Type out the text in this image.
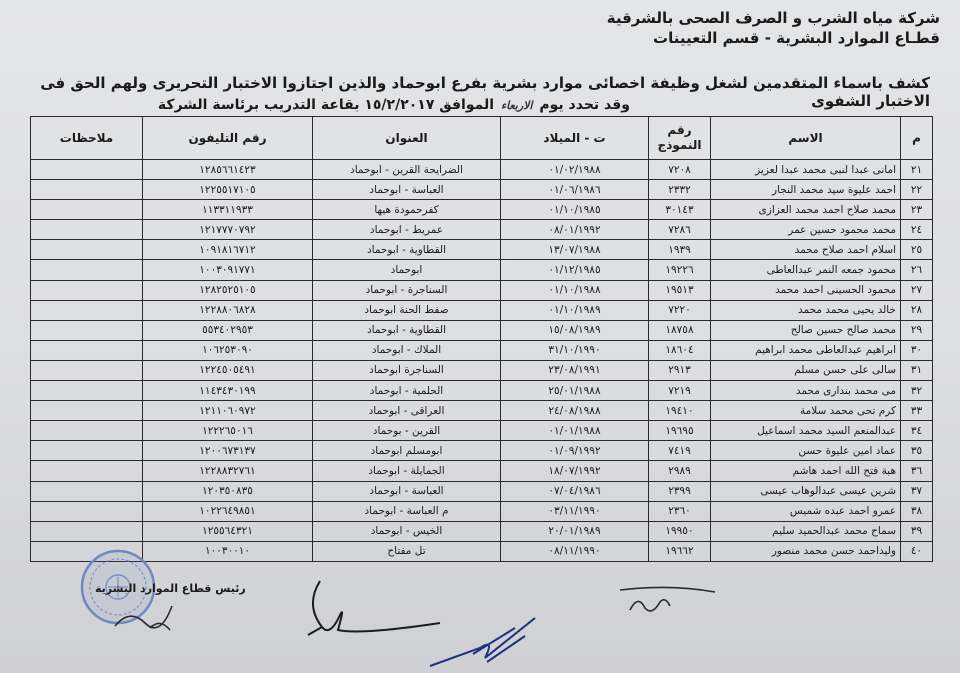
شركة مياه الشرب و الصرف الصحى بالشرقية
قطـاع الموارد البشرية - قسم التعيينات
كشف باسماء المتقدمين لشغل وظيفة اخصائى موارد بشرية بفرع ابوحماد والذين اجتازوا الاختبار التحريرى ولهم الحق فى الاختبار الشفوى
وقد تحدد يوم الاربعاء الموافق ١٥/٢/٢٠١٧ بقاعة التدريب برئاسة الشركة
م	الاسم	رقم النموذج	ت - الميلاد	العنوان	رقم التليفون	ملاحظات
٢١	امانى عبدا لنبى محمد عبدا لعزيز	٧٢٠٨	٠١/٠٢/١٩٨٨	الضرايحة القرين - ابوحماد	١٢٨٥٦٦١٤٢٣	
٢٢	احمد عليوة سيد محمد النجار	٢٣٣٢	٠١/٠٦/١٩٨٦	العباسة - ابوحماد	١٢٢٥٥١٧١٠٥	
٢٣	محمد صلاح احمد محمد العزازى	٣٠١٤٣	٠١/١٠/١٩٨٥	كفرحمودة هيها	١١٣٣١١٩٣٣	
٢٤	محمد محمود حسين عمر	٧٢٨٦	٠٨/٠١/١٩٩٢	عمريط - ابوحماد	١٢١٧٧٧٠٧٩٢	
٢٥	اسلام احمد صلاح محمد	١٩٣٩	١٣/٠٧/١٩٨٨	القطاوية - ابوحماد	١٠٩١٨١٦٧١٢	
٢٦	محمود جمعه النمر عبدالعاطى	١٩٢٢٦	٠١/١٢/١٩٨٥	ابوحماد	١٠٠٣٠٩١٧٧١	
٢٧	محمود الحسينى احمد محمد	١٩٥١٣	٠١/١٠/١٩٨٨	السناجرة - ابوحماد	١٢٨٢٥٢٥١٠٥	
٢٨	خالد يحيى محمد محمد	٧٢٢٠	٠١/١٠/١٩٨٩	صفط الحنة ابوحماد	١٢٢٨٨٠٦٨٢٨	
٢٩	محمد صالح حسين صالح	١٨٧٥٨	١٥/٠٨/١٩٨٩	القطاوية - ابوحماد	٥٥٣٤٠٢٩٥٣	
٣٠	ابراهيم عبدالعاطى محمد ابراهيم	١٨٦٠٤	٣١/١٠/١٩٩٠	الملاك - ابوحماد	١٠٦٢٥٣٠٩٠	
٣١	سالى على حسن مسلم	٢٩١٣	٢٣/٠٨/١٩٩١	السناجرة ابوحماد	١٢٢٤٥٠٥٤٩١	
٣٢	مى محمد بندارى محمد	٧٢١٩	٢٥/٠١/١٩٨٨	الحلمية - ابوحماد	١١٤٣٤٣٠١٩٩	
٣٣	كرم تحى محمد سلامة	١٩٤١٠	٢٤/٠٨/١٩٨٨	العراقى - ابوحماد	١٢١١٠٦٠٩٧٢	
٣٤	عبدالمنعم السيد محمد اسماعيل	١٩٦٩٥	٠١/٠١/١٩٨٨	القرين - بوحماد	١٢٢٢٦٥٠١٦	
٣٥	عماد امين عليوة حسن	٧٤١٩	٠١/٠٩/١٩٩٢	ابومسلم ابوحماد	١٢٠٠٦٧٣١٣٧	
٣٦	هبة فتح الله احمد هاشم	٢٩٨٩	١٨/٠٧/١٩٩٢	الجمايلة - ابوحماد	١٢٢٨٨٣٢٧٦١	
٣٧	شرين عيسى عبدالوهاب عيسى	٢٣٩٩	٠٧/٠٤/١٩٨٦	العباسة - ابوحماد	١٢٠٣٥٠٨٣٥	
٣٨	عمرو احمد عبده شميس	٢٣٦٠	٠٣/١١/١٩٩٠	م العباسة - ابوحماد	١٠٢٢٦٤٩٨٥١	
٣٩	سماح محمد عبدالحميد سليم	١٩٩٥٠	٢٠/٠١/١٩٨٩	الخيس - ابوحماد	١٢٥٥٦٤٣٢١	
٤٠	وليداحمد حسن محمد منصور	١٩٦٦٢	٠٨/١١/١٩٩٠	تل مفتاح	١٠٠٣٠٠١٠	
رئيس قطاع الموارد البشرية
